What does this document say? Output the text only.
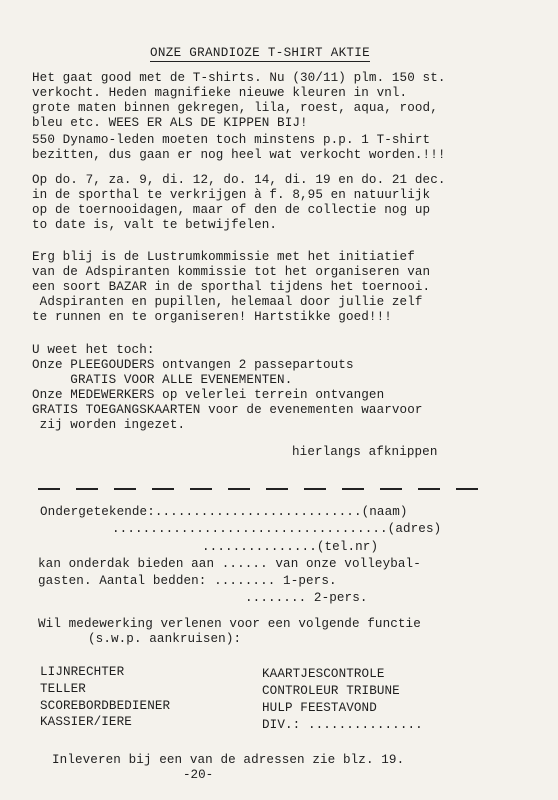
ONZE GRANDIOZE T-SHIRT AKTIE
Het gaat good met de T-shirts. Nu (30/11) plm. 150 st.
verkocht. Heden magnifieke nieuwe kleuren in vnl.
grote maten binnen gekregen, lila, roest, aqua, rood,
bleu etc. WEES ER ALS DE KIPPEN BIJ!
550 Dynamo-leden moeten toch minstens p.p. 1 T-shirt
bezitten, dus gaan er nog heel wat verkocht worden.!!!
Op do. 7, za. 9, di. 12, do. 14, di. 19 en do. 21 dec.
in de sporthal te verkrijgen à f. 8,95 en natuurlijk
op de toernooidagen, maar of den de collectie nog up
to date is, valt te betwijfelen.
Erg blij is de Lustrumkommissie met het initiatief
van de Adspiranten kommissie tot het organiseren van
een soort BAZAR in de sporthal tijdens het toernooi.
Adspiranten en pupillen, helemaal door jullie zelf
te runnen en te organiseren! Hartstikke goed!!!
U weet het toch:
Onze PLEEGOUDERS ontvangen 2 passepartouts
GRATIS VOOR ALLE EVENEMENTEN.
Onze MEDEWERKERS op velerlei terrein ontvangen
GRATIS TOEGANGSKAARTEN voor de evenementen waarvoor
zij worden ingezet.
hierlangs afknippen
Ondergetekende:...........................(naam)
....................................(adres)
...............(tel.nr)
kan onderdak bieden aan ...... van onze volleybal-
gasten. Aantal bedden: ........ 1-pers.
........ 2-pers.
Wil medewerking verlenen voor een volgende functie
(s.w.p. aankruisen):
LIJNRECHTER
TELLER
SCOREBORDBEDIENER
KASSIER/IERE
KAARTJESCONTROLE
CONTROLEUR TRIBUNE
HULP FEESTAVOND
DIV.: ...............
Inleveren bij een van de adressen zie blz. 19.
-20-
